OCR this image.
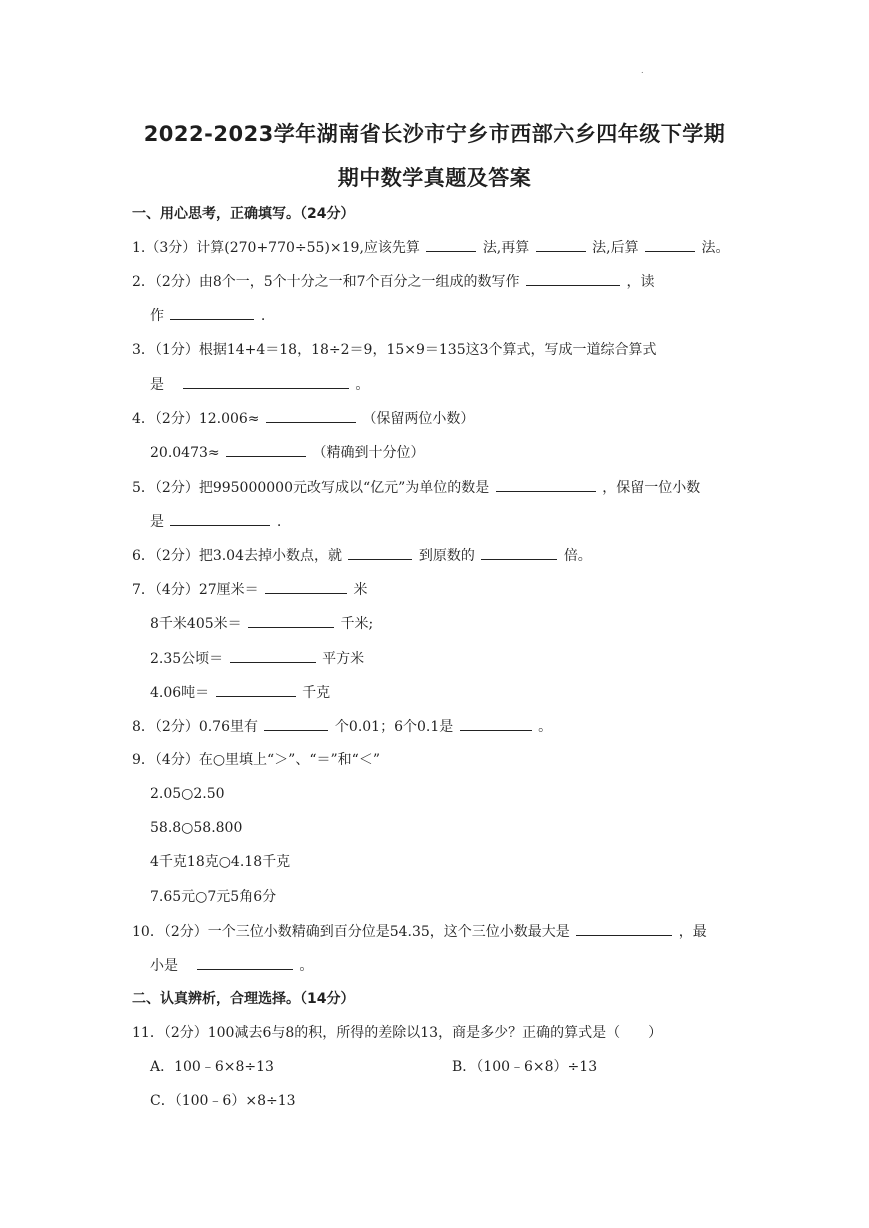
.
2022-2023学年湖南省长沙市宁乡市西部六乡四年级下学期
期中数学真题及答案
一、用心思考，正确填写。（24分）
1.（3分）计算(270+770÷55)×19,应该先算	法,再算	法,后算	法。
2．（2分）由8个一，5个十分之一和7个百分之一组成的数写作	，读
作	.
3．（1分）根据14+4＝18，18÷2＝9，15×9＝135这3个算式，写成一道综合算式
是	。
4．（2分）12.006≈	（保留两位小数）
20.0473≈	（精确到十分位）
5．（2分）把995000000元改写成以“亿元”为单位的数是	，保留一位小数
是	.
6．（2分）把3.04去掉小数点，就	到原数的	倍。
7．（4分）27厘米＝	米
8千米405米＝	千米;
2.35公顷＝	平方米
4.06吨＝	千克
8．（2分）0.76里有	个0.01；6个0.1是	。
9．（4分）在○里填上“＞”、“＝”和“＜”
2.05○2.50
58.8○58.800
4千克18克○4.18千克
7.65元○7元5角6分
10．（2分）一个三位小数精确到百分位是54.35，这个三位小数最大是	，最
小是	。
二、认真辨析，合理选择。（14分）
11．（2分）100减去6与8的积，所得的差除以13，商是多少？正确的算式是（　　）
A．100﹣6×8÷13	B．（100﹣6×8）÷13
C．（100﹣6）×8÷13
